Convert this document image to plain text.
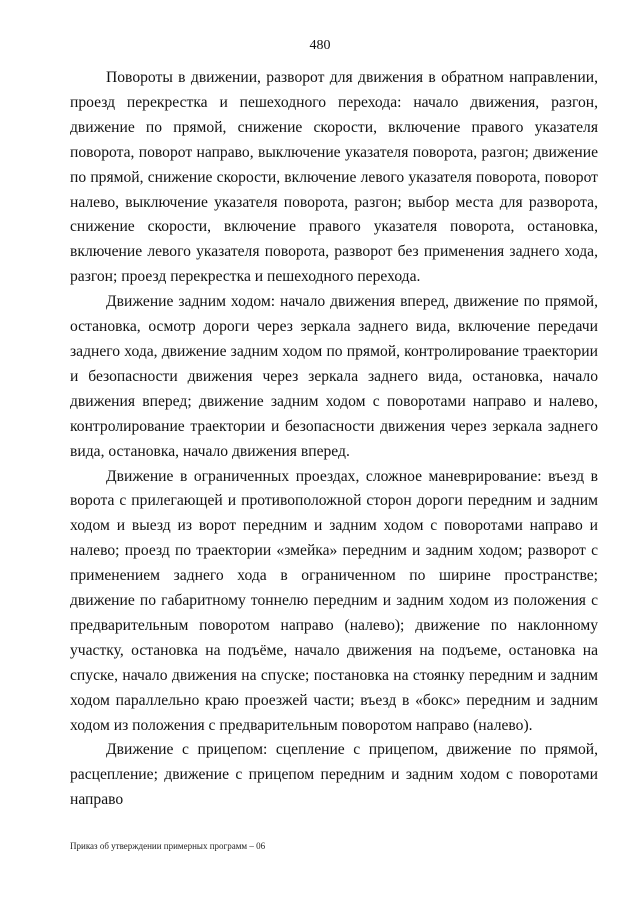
480

Повороты в движении, разворот для движения в обратном направлении, проезд перекрестка и пешеходного перехода: начало движения, разгон, движение по прямой, снижение скорости, включение правого указателя поворота, поворот направо, выключение указателя поворота, разгон; движение по прямой, снижение скорости, включение левого указателя поворота, поворот налево, выключение указателя поворота, разгон; выбор места для разворота, снижение скорости, включение правого указателя поворота, остановка, включение левого указателя поворота, разворот без применения заднего хода, разгон; проезд перекрестка и пешеходного перехода.

Движение задним ходом: начало движения вперед, движение по прямой, остановка, осмотр дороги через зеркала заднего вида, включение передачи заднего хода, движение задним ходом по прямой, контролирование траектории и безопасности движения через зеркала заднего вида, остановка, начало движения вперед; движение задним ходом с поворотами направо и налево, контролирование траектории и безопасности движения через зеркала заднего вида, остановка, начало движения вперед.

Движение в ограниченных проездах, сложное маневрирование: въезд в ворота с прилегающей и противоположной сторон дороги передним и задним ходом и выезд из ворот передним и задним ходом с поворотами направо и налево; проезд по траектории «змейка» передним и задним ходом; разворот с применением заднего хода в ограниченном по ширине пространстве; движение по габаритному тоннелю передним и задним ходом из положения с предварительным поворотом направо (налево); движение по наклонному участку, остановка на подъёме, начало движения на подъеме, остановка на спуске, начало движения на спуске; постановка на стоянку передним и задним ходом параллельно краю проезжей части; въезд в «бокс» передним и задним ходом из положения с предварительным поворотом направо (налево).

Движение с прицепом: сцепление с прицепом, движение по прямой, расцепление; движение с прицепом передним и задним ходом с поворотами направо

Приказ об утверждении примерных программ – 06
